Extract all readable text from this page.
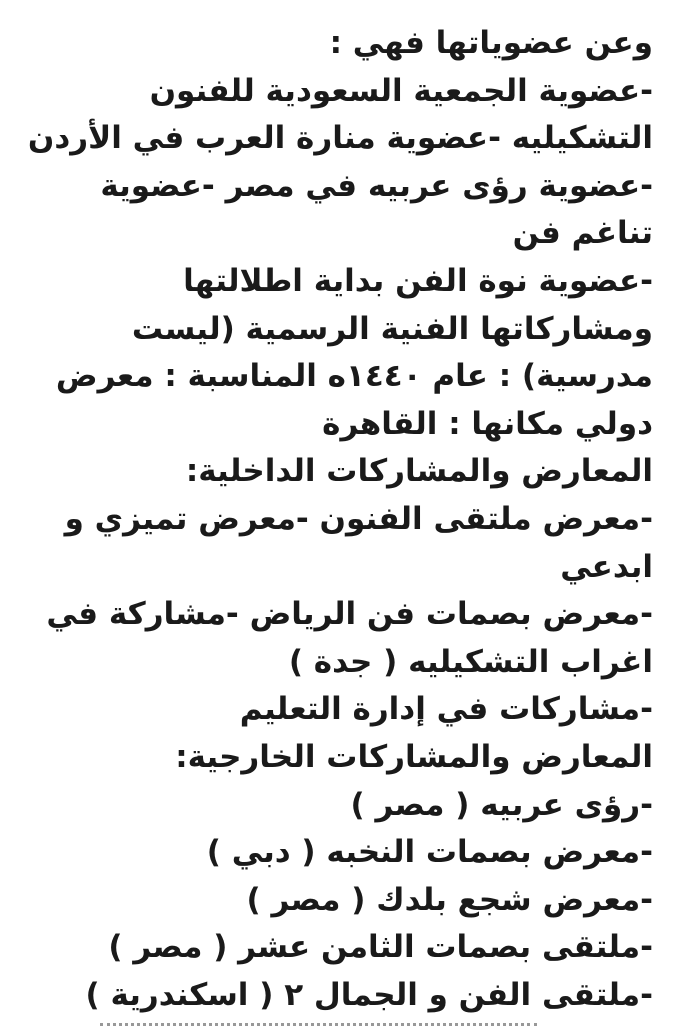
وعن عضوياتها فهي :
-عضوية الجمعية السعودية للفنون
التشكيليه -عضوية منارة العرب في الأردن
-عضوية رؤى عربيه في مصر -عضوية
تناغم فن
-عضوية نوة الفن بداية اطلالتها
ومشاركاتها الفنية الرسمية (ليست
مدرسية) : عام ١٤٤٠ه المناسبة : معرض
دولي مكانها : القاهرة
المعارض والمشاركات الداخلية:
-معرض ملتقى الفنون -معرض تميزي و
ابدعي
-معرض بصمات فن الرياض -مشاركة في
اغراب التشكيليه ( جدة )
-مشاركات في إدارة التعليم
المعارض والمشاركات الخارجية:
-رؤى عربيه ( مصر )
-معرض بصمات النخبه ( دبي )
-معرض شجع بلدك ( مصر )
-ملتقى بصمات الثامن عشر ( مصر )
-ملتقى الفن و الجمال ٢ ( اسكندرية )
